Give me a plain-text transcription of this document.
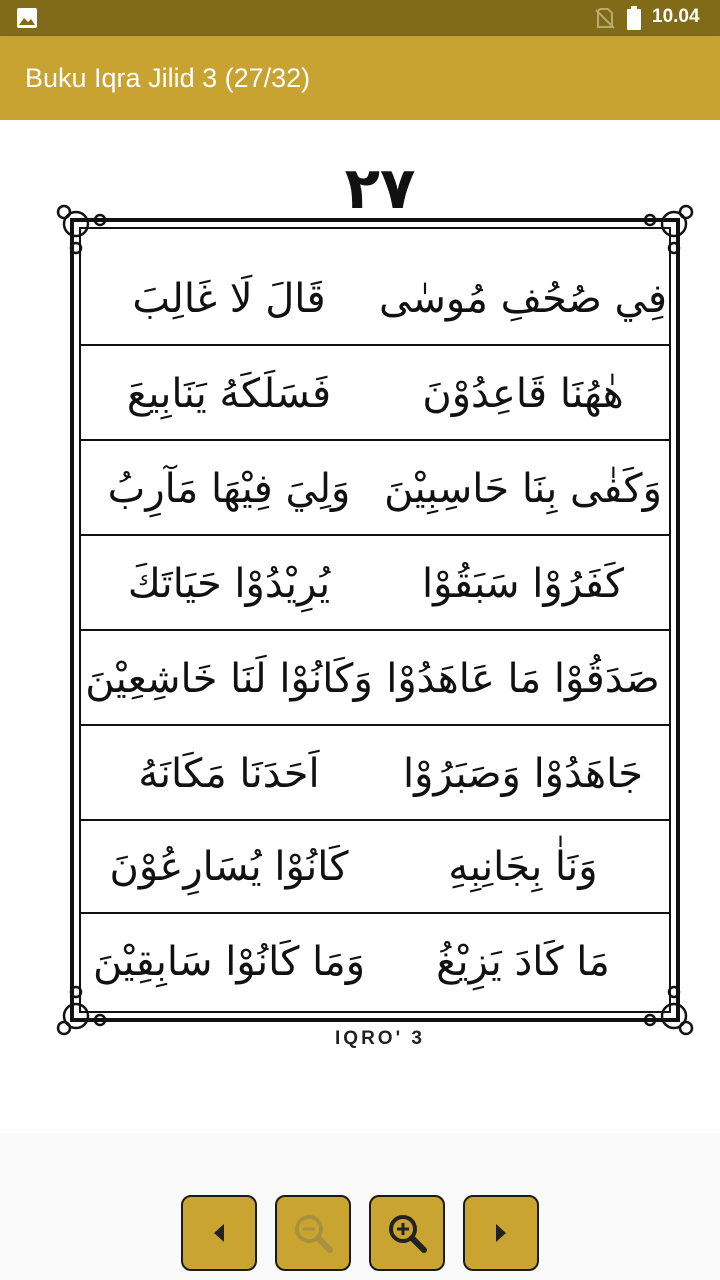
10.04
Buku Iqra Jilid 3 (27/32)
٢٧
فِي صُحُفِ مُوسٰى
قَالَ لَا غَالِبَ
هٰهُنَا قَاعِدُوْنَ
فَسَلَكَهُ يَنَابِيعَ
وَكَفٰى بِنَا حَاسِبِيْنَ
وَلِيَ فِيْهَا مَآرِبُ
كَفَرُوْا سَبَقُوْا
يُرِيْدُوْا حَيَاتَكَ
صَدَقُوْا مَا عَاهَدُوْا
وَكَانُوْا لَنَا خَاشِعِيْنَ
جَاهَدُوْا وَصَبَرُوْا
اَحَدَنَا مَكَانَهُ
وَنَاٰ بِجَانِبِهِ
كَانُوْا يُسَارِعُوْنَ
مَا كَادَ يَزِيْغُ
وَمَا كَانُوْا سَابِقِيْنَ
IQRO' 3
